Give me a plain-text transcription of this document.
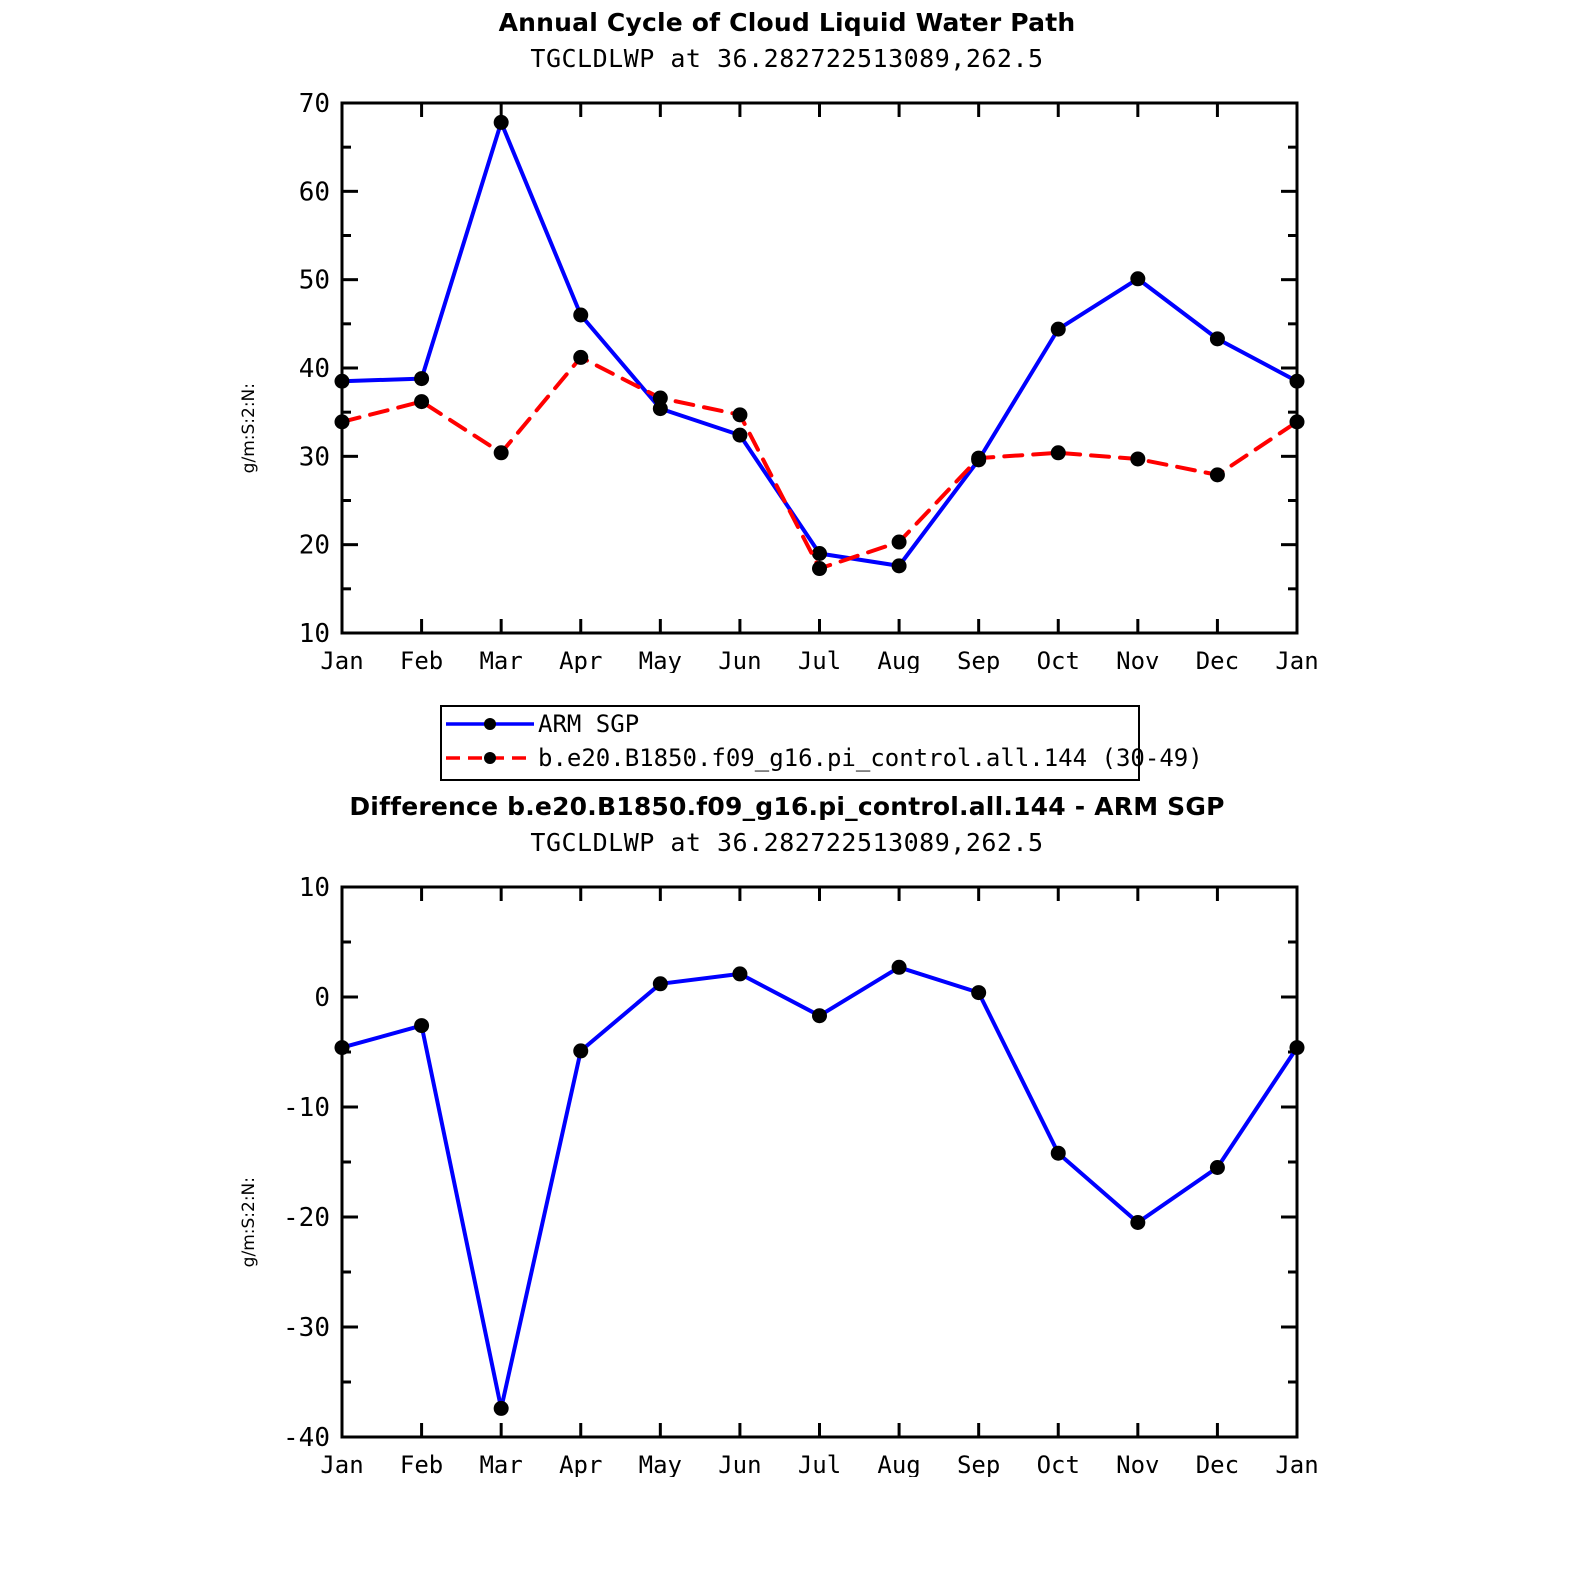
Annual Cycle of Cloud Liquid Water Path
TGCLDLWP at 36.282722513089,262.5
g/m:S:2:N:
10
20
30
40
50
60
70
Jan Feb Mar Apr May Jun Jul Aug Sep Oct Nov Dec Jan
ARM SGP
b.e20.B1850.f09_g16.pi_control.all.144 (30-49)
Difference b.e20.B1850.f09_g16.pi_control.all.144 - ARM SGP
TGCLDLWP at 36.282722513089,262.5
g/m:S:2:N:
-40
-30
-20
-10
0
10
Jan Feb Mar Apr May Jun Jul Aug Sep Oct Nov Dec Jan
